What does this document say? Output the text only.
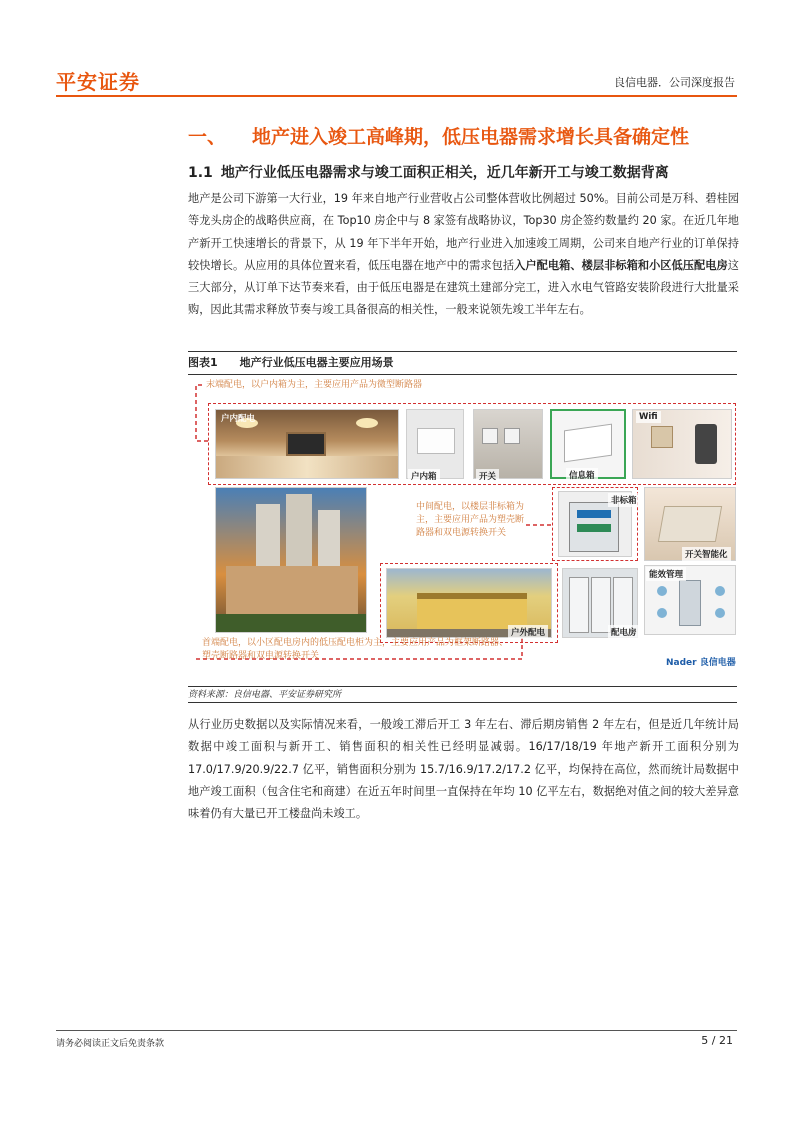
平安证券	良信电器．公司深度报告
一、 地产进入竣工高峰期，低压电器需求增长具备确定性
1.1 地产行业低压电器需求与竣工面积正相关，近几年新开工与竣工数据背离
地产是公司下游第一大行业，19 年来自地产行业营收占公司整体营收比例超过 50%。目前公司是万科、碧桂园等龙头房企的战略供应商，在 Top10 房企中与 8 家签有战略协议，Top30 房企签约数量约 20 家。在近几年地产新开工快速增长的背景下，从 19 年下半年开始，地产行业进入加速竣工周期，公司来自地产行业的订单保持较快增长。从应用的具体位置来看，低压电器在地产中的需求包括入户配电箱、楼层非标箱和小区低压配电房这三大部分，从订单下达节奏来看，由于低压电器是在建筑土建部分完工，进入水电气管路安装阶段进行大批量采购，因此其需求释放节奏与竣工具备很高的相关性，一般来说领先竣工半年左右。
图表1 地产行业低压电器主要应用场景
末端配电，以户内箱为主，主要应用产品为微型断路器
户内配电
户内箱	开关	信息箱
Wifi
中间配电，以楼层非标箱为主，主要应用产品为塑壳断路器和双电源转换开关
非标箱
开关智能化
户外配电	配电房
能效管理
首端配电，以小区配电房内的低压配电柜为主，主要应用产品为框架断路器、塑壳断路器和双电源转换开关
Nader 良信电器
资料来源：良信电器、平安证券研究所
从行业历史数据以及实际情况来看，一般竣工滞后开工 3 年左右、滞后期房销售 2 年左右，但是近几年统计局数据中竣工面积与新开工、销售面积的相关性已经明显减弱。16/17/18/19 年地产新开工面积分别为 17.0/17.9/20.9/22.7 亿平，销售面积分别为 15.7/16.9/17.2/17.2 亿平，均保持在高位，然而统计局数据中地产竣工面积（包含住宅和商建）在近五年时间里一直保持在年均 10 亿平左右，数据绝对值之间的较大差异意味着仍有大量已开工楼盘尚未竣工。
请务必阅读正文后免责条款	5 / 21
